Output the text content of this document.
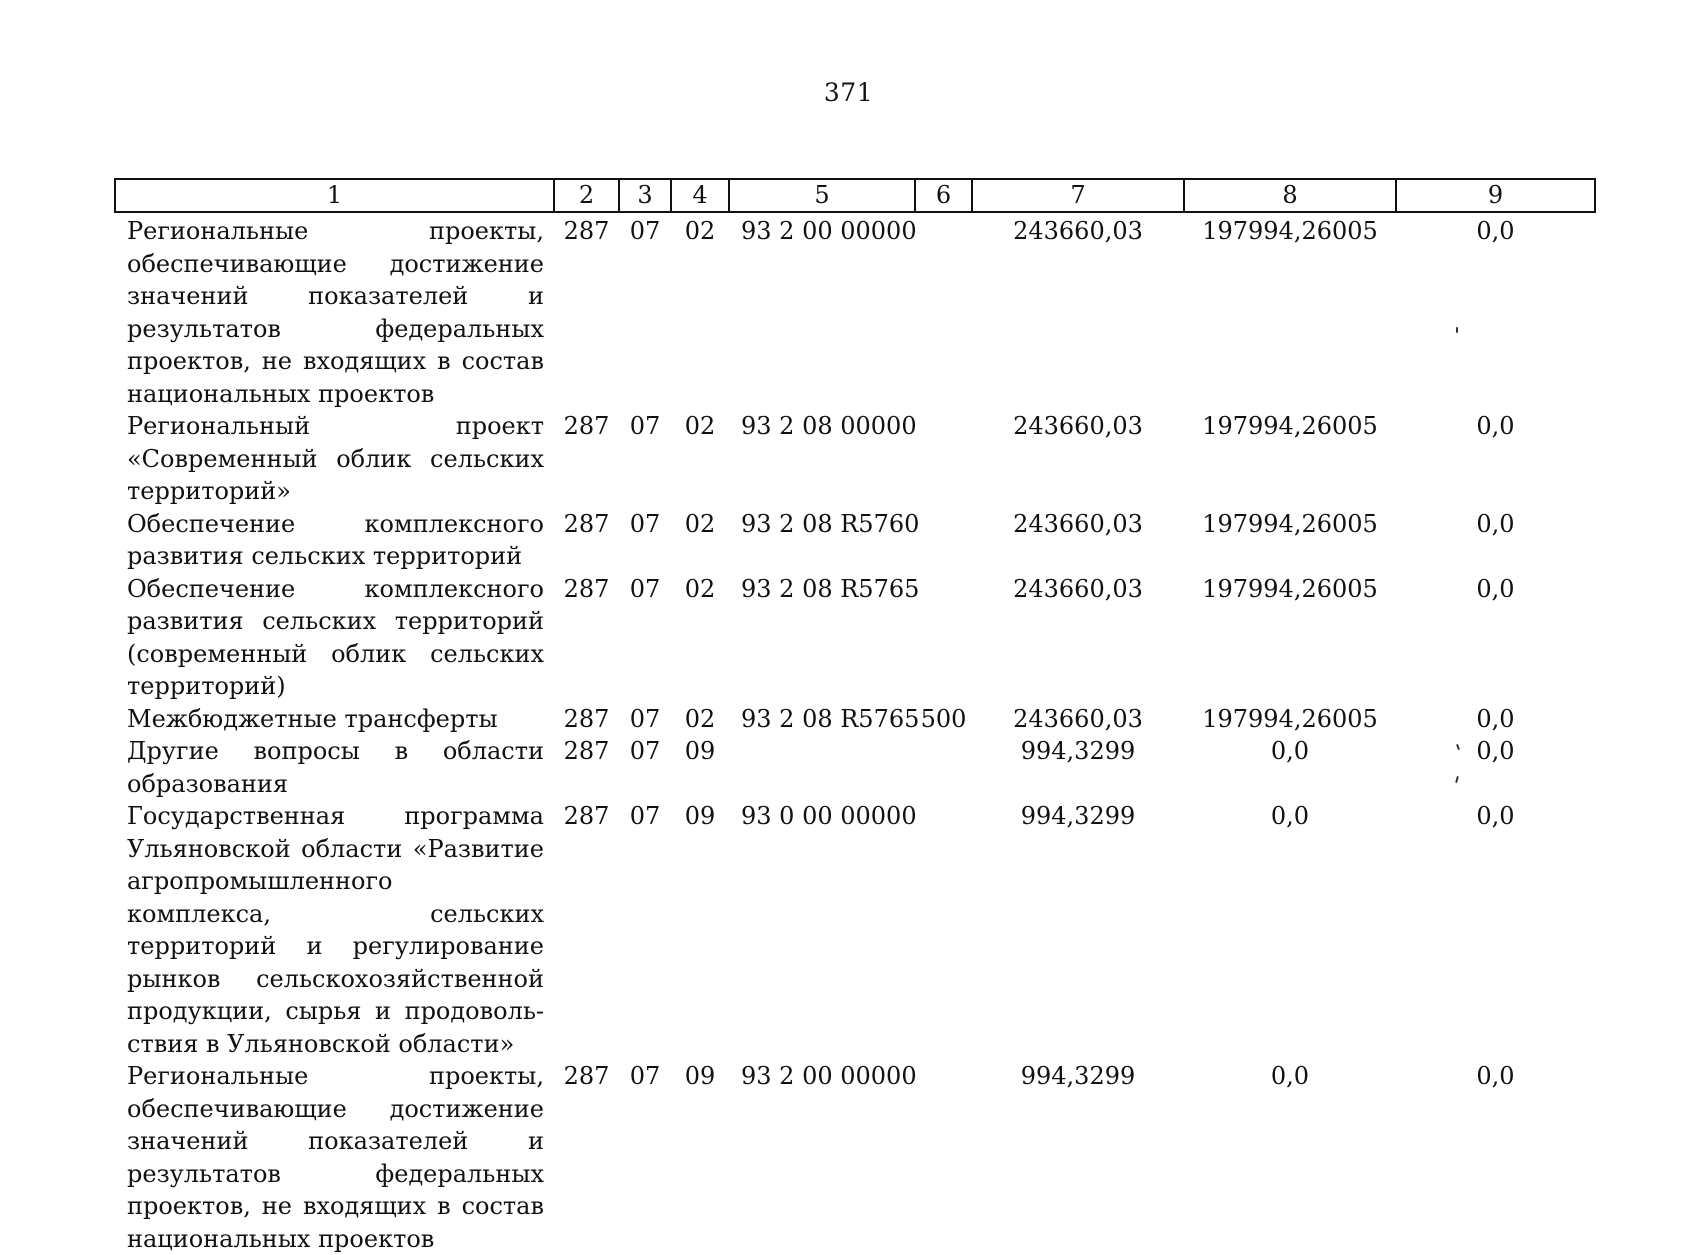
371
1	2	3	4	5	6	7	8	9
Региональные проекты, обеспечивающие достижение значений показателей и результатов федеральных проектов, не входящих в состав национальных проектов	287	07	02	93 2 00 00000		243660,03	197994,26005	0,0
Региональный проект «Современный облик сельских территорий»	287	07	02	93 2 08 00000		243660,03	197994,26005	0,0
Обеспечение комплексного развития сельских территорий	287	07	02	93 2 08 R5760		243660,03	197994,26005	0,0
Обеспечение комплексного развития сельских территорий (современный облик сельских территорий)	287	07	02	93 2 08 R5765		243660,03	197994,26005	0,0
Межбюджетные трансферты	287	07	02	93 2 08 R5765	500	243660,03	197994,26005	0,0
Другие вопросы в области образования	287	07	09			994,3299	0,0	0,0
Государственная программа Ульяновской области «Развитие агропромышленного комплекса, сельских территорий и регулирование рынков сельскохозяйственной продукции, сырья и продовольствия в Ульяновской области»	287	07	09	93 0 00 00000		994,3299	0,0	0,0
Региональные проекты, обеспечивающие достижение значений показателей и результатов федеральных проектов, не входящих в состав национальных проектов	287	07	09	93 2 00 00000		994,3299	0,0	0,0
